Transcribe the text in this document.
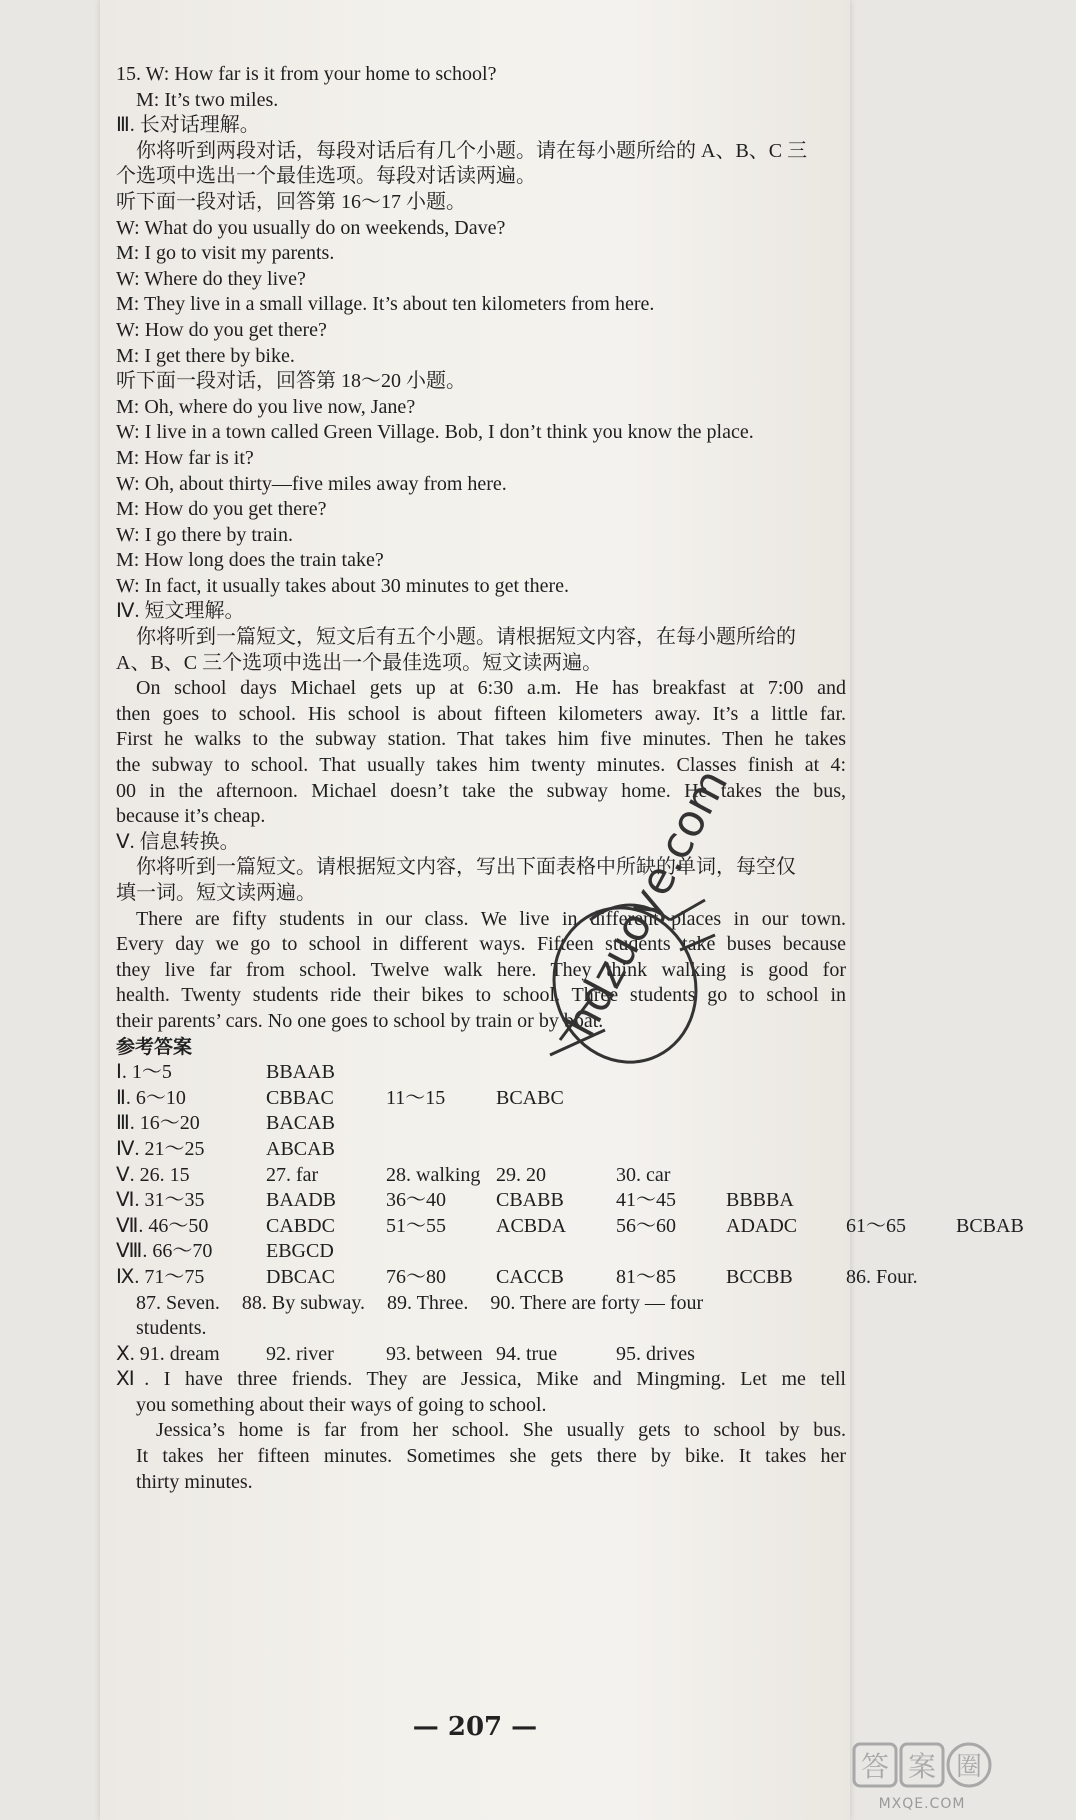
15. W: How far is it from your home to school?
M: It’s two miles.
Ⅲ. 长对话理解。
你将听到两段对话，每段对话后有几个小题。请在每小题所给的 A、B、C 三
个选项中选出一个最佳选项。每段对话读两遍。
听下面一段对话，回答第 16～17 小题。
W: What do you usually do on weekends, Dave?
M: I go to visit my parents.
W: Where do they live?
M: They live in a small village. It’s about ten kilometers from here.
W: How do you get there?
M: I get there by bike.
听下面一段对话，回答第 18～20 小题。
M: Oh, where do you live now, Jane?
W: I live in a town called Green Village. Bob, I don’t think you know the place.
M: How far is it?
W: Oh, about thirty—five miles away from here.
M: How do you get there?
W: I go there by train.
M: How long does the train take?
W: In fact, it usually takes about 30 minutes to get there.
Ⅳ. 短文理解。
你将听到一篇短文，短文后有五个小题。请根据短文内容，在每小题所给的
A、B、C 三个选项中选出一个最佳选项。短文读两遍。
On school days Michael gets up at 6:30 a.m. He has breakfast at 7:00 and
then goes to school. His school is about fifteen kilometers away. It’s a little far.
First he walks to the subway station. That takes him five minutes. Then he takes
the subway to school. That usually takes him twenty minutes. Classes finish at 4:
00 in the afternoon. Michael doesn’t take the subway home. He takes the bus,
because it’s cheap.
Ⅴ. 信息转换。
你将听到一篇短文。请根据短文内容，写出下面表格中所缺的单词，每空仅
填一词。短文读两遍。
There are fifty students in our class. We live in different places in our town.
Every day we go to school in different ways. Fifteen students take buses because
they live far from school. Twelve walk here. They think walking is good for
health. Twenty students ride their bikes to school. Three students go to school in
their parents’ cars. No one goes to school by train or by boat.
参考答案
Ⅰ. 1～5	BBAAB
Ⅱ. 6～10	CBBAC	11～15	BCABC
Ⅲ. 16～20	BACAB
Ⅳ. 21～25	ABCAB
Ⅴ. 26. 15	27. far	28. walking 29. 20	30. car
Ⅵ. 31～35	BAADB	36～40	CBABB	41～45	BBBBA
Ⅶ. 46～50	CABDC	51～55	ACBDA	56～60	ADADC	61～65	BCBAB
Ⅷ. 66～70	EBGCD
Ⅸ. 71～75	DBCAC	76～80	CACCB	81～85	BCCBB	86. Four.
87. Seven.	88. By subway.	89. Three.	90. There are forty — four
students.
Ⅹ. 91. dream	92. river	93. between 94. true	95. drives
Ⅺ. I have three friends. They are Jessica, Mike and Mingming. Let me tell
you something about their ways of going to school.
Jessica’s home is far from her school. She usually gets to school by bus.
It takes her fifteen minutes. Sometimes she gets there by bike. It takes her
thirty minutes.
hdzuoye.com
— 207 —
答 案 圈
MXQE.COM
